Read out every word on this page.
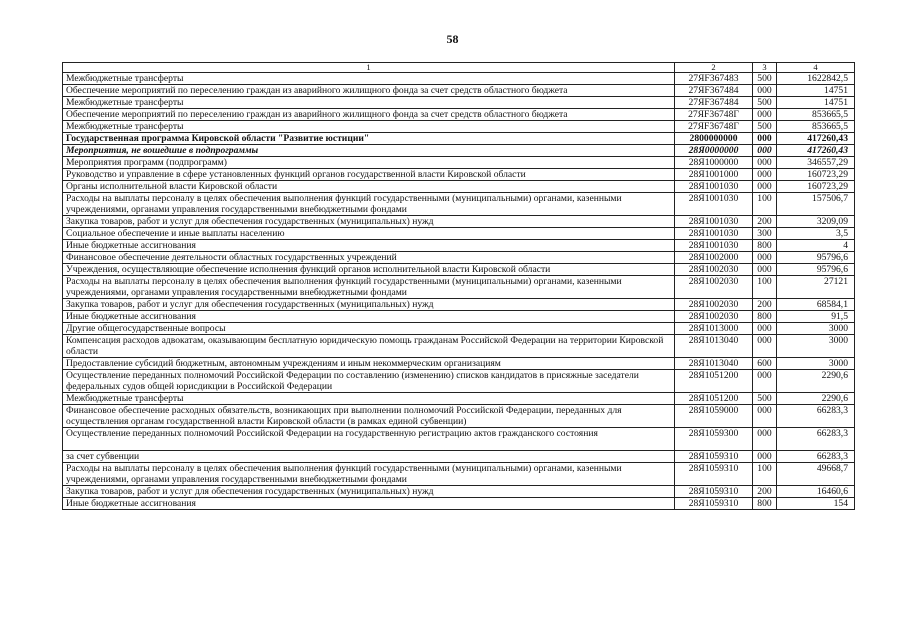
58
1	2	3	4
Межбюджетные трансферты	27ЯF367483	500	1622842,5
Обеспечение мероприятий по переселению граждан из аварийного жилищного фонда за счет средств областного бюджета	27ЯF367484	000	14751
Межбюджетные трансферты	27ЯF367484	500	14751
Обеспечение мероприятий по переселению граждан из аварийного жилищного фонда за счет средств областного бюджета	27ЯF36748Г	000	853665,5
Межбюджетные трансферты	27ЯF36748Г	500	853665,5
Государственная программа Кировской области "Развитие юстиции"	2800000000	000	417260,43
Мероприятия, не вошедшие в подпрограммы	28Я0000000	000	417260,43
Мероприятия программ (подпрограмм)	28Я1000000	000	346557,29
Руководство и управление в сфере установленных функций органов государственной власти Кировской области	28Я1001000	000	160723,29
Органы исполнительной власти Кировской области	28Я1001030	000	160723,29
Расходы на выплаты персоналу в целях обеспечения выполнения функций государственными (муниципальными) органами, казенными учреждениями, органами управления государственными внебюджетными фондами	28Я1001030	100	157506,7
Закупка товаров, работ и услуг для обеспечения государственных (муниципальных) нужд	28Я1001030	200	3209,09
Социальное обеспечение и иные выплаты населению	28Я1001030	300	3,5
Иные бюджетные ассигнования	28Я1001030	800	4
Финансовое обеспечение деятельности областных государственных учреждений	28Я1002000	000	95796,6
Учреждения, осуществляющие обеспечение исполнения функций органов исполнительной власти Кировской области	28Я1002030	000	95796,6
Расходы на выплаты персоналу в целях обеспечения выполнения функций государственными (муниципальными) органами, казенными учреждениями, органами управления государственными внебюджетными фондами	28Я1002030	100	27121
Закупка товаров, работ и услуг для обеспечения государственных (муниципальных) нужд	28Я1002030	200	68584,1
Иные бюджетные ассигнования	28Я1002030	800	91,5
Другие общегосударственные вопросы	28Я1013000	000	3000
Компенсация расходов адвокатам, оказывающим бесплатную юридическую помощь гражданам Российской Федерации на территории Кировской области	28Я1013040	000	3000
Предоставление субсидий бюджетным, автономным учреждениям и иным некоммерческим организациям	28Я1013040	600	3000
Осуществление переданных полномочий Российской Федерации по составлению (изменению) списков кандидатов в присяжные заседатели федеральных судов общей юрисдикции в Российской Федерации	28Я1051200	000	2290,6
Межбюджетные трансферты	28Я1051200	500	2290,6
Финансовое обеспечение расходных обязательств, возникающих при выполнении полномочий Российской Федерации, переданных для осуществления органам государственной власти Кировской области (в рамках единой субвенции)	28Я1059000	000	66283,3
Осуществление переданных полномочий Российской Федерации на государственную регистрацию актов гражданского состояния	28Я1059300	000	66283,3
за счет субвенции	28Я1059310	000	66283,3
Расходы на выплаты персоналу в целях обеспечения выполнения функций государственными (муниципальными) органами, казенными учреждениями, органами управления государственными внебюджетными фондами	28Я1059310	100	49668,7
Закупка товаров, работ и услуг для обеспечения государственных (муниципальных) нужд	28Я1059310	200	16460,6
Иные бюджетные ассигнования	28Я1059310	800	154
